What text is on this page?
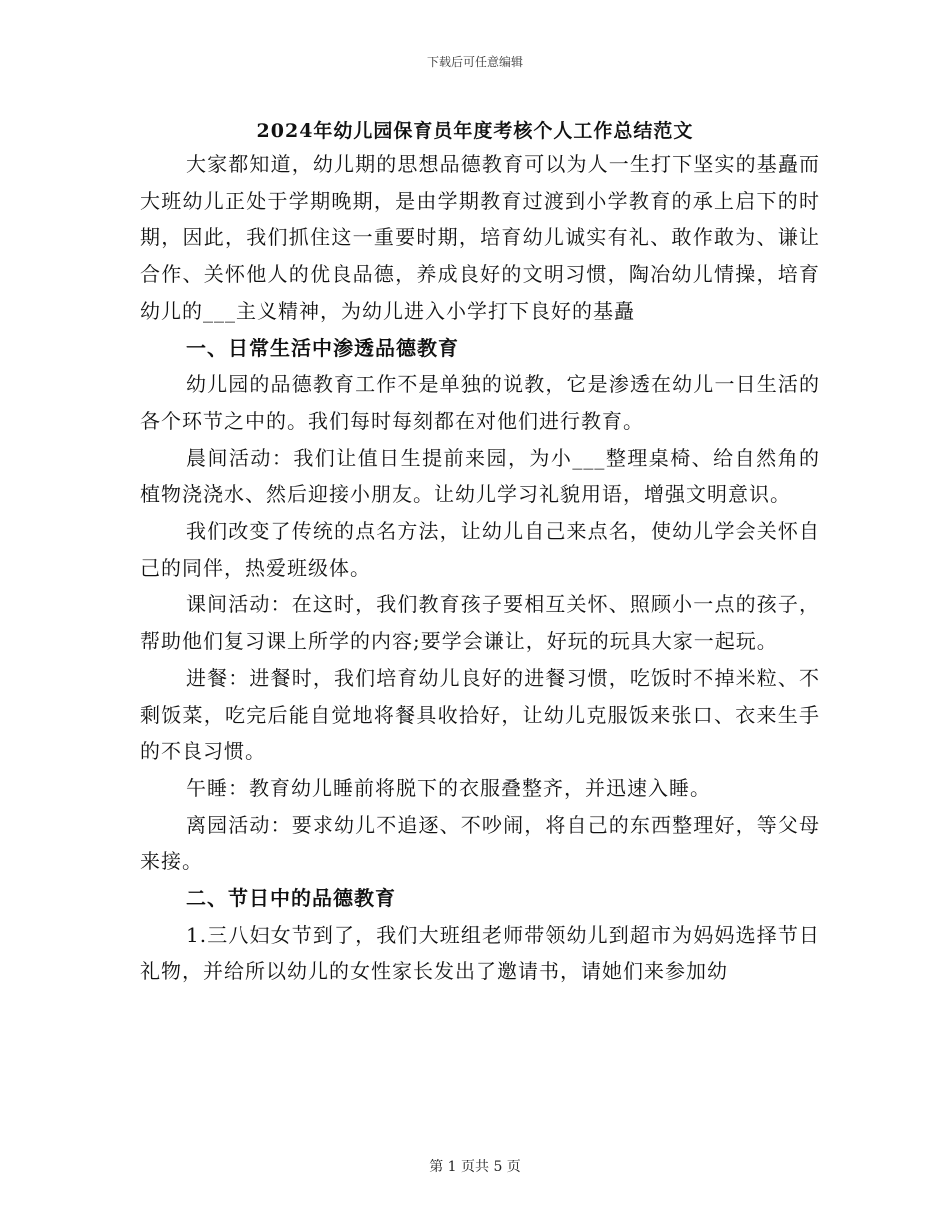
下载后可任意编辑
2024年幼儿园保育员年度考核个人工作总结范文

大家都知道，幼儿期的思想品德教育可以为人一生打下坚实的基矗而大班幼儿正处于学期晚期，是由学期教育过渡到小学教育的承上启下的时期，因此，我们抓住这一重要时期，培育幼儿诚实有礼、敢作敢为、谦让合作、关怀他人的优良品德，养成良好的文明习惯，陶冶幼儿情操，培育幼儿的___主义精神，为幼儿进入小学打下良好的基矗

一、日常生活中渗透品德教育

幼儿园的品德教育工作不是单独的说教，它是渗透在幼儿一日生活的各个环节之中的。我们每时每刻都在对他们进行教育。

晨间活动：我们让值日生提前来园，为小___整理桌椅、给自然角的植物浇浇水、然后迎接小朋友。让幼儿学习礼貌用语，增强文明意识。

我们改变了传统的点名方法，让幼儿自己来点名，使幼儿学会关怀自己的同伴，热爱班级体。

课间活动：在这时，我们教育孩子要相互关怀、照顾小一点的孩子，帮助他们复习课上所学的内容;要学会谦让，好玩的玩具大家一起玩。

进餐：进餐时，我们培育幼儿良好的进餐习惯，吃饭时不掉米粒、不剩饭菜，吃完后能自觉地将餐具收拾好，让幼儿克服饭来张口、衣来生手的不良习惯。

午睡：教育幼儿睡前将脱下的衣服叠整齐，并迅速入睡。

离园活动：要求幼儿不追逐、不吵闹，将自己的东西整理好，等父母来接。

二、节日中的品德教育

1.三八妇女节到了，我们大班组老师带领幼儿到超市为妈妈选择节日礼物，并给所以幼儿的女性家长发出了邀请书，请她们来参加幼

第 1 页共 5 页
